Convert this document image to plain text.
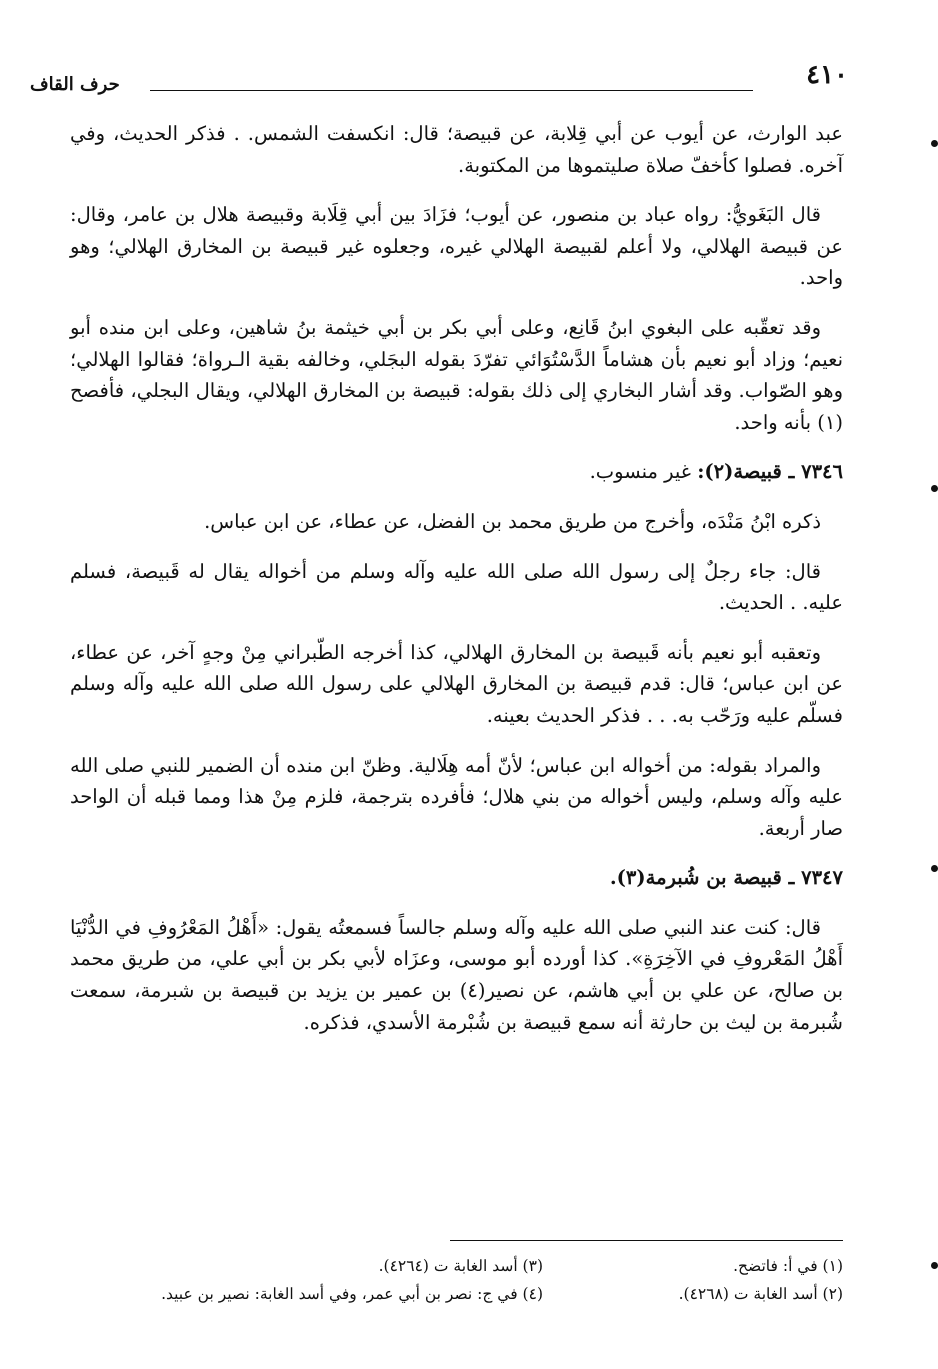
٤١٠
حرف القاف

عبد الوارث، عن أيوب عن أبي قِلابة، عن قبيصة؛ قال: انكسفت الشمس. . فذكر الحديث، وفي آخره. فصلوا كأخفّ صلاة صليتموها من المكتوبة.

قال البَغَويُّ: رواه عباد بن منصور، عن أيوب؛ فزَادَ بين أبي قِلَابة وقبيصة هلال بن عامر، وقال: عن قبيصة الهلالي، ولا أعلم لقبيصة الهلالي غيره، وجعلوه غير قبيصة بن المخارق الهلالي؛ وهو واحد.

وقد تعقّبه على البغوي ابنُ قَانِع، وعلى أبي بكر بن أبي خيثمة بنُ شاهين، وعلى ابن منده أبو نعيم؛ وزاد أبو نعيم بأن هشاماً الدَّسْتُوَائي تفرّدَ بقوله البجَلي، وخالفه بقية الـرواة؛ فقالوا الهلالي؛ وهو الصّواب. وقد أشار البخاري إلى ذلك بقوله: قبيصة بن المخارق الهلالي، ويقال البجلي، فأفصح (١) بأنه واحد.

٧٣٤٦ ـ قبيصة(٢): غير منسوب.

ذكره ابْنُ مَنْدَه، وأخرج من طريق محمد بن الفضل، عن عطاء، عن ابن عباس.

قال: جاء رجلٌ إلى رسول الله صلى الله عليه وآله وسلم من أخواله يقال له قَبيصة، فسلم عليه. . الحديث.

وتعقبه أبو نعيم بأنه قَبيصة بن المخارق الهلالي، كذا أخرجه الطّبراني مِنْ وجهٍ آخر، عن عطاء، عن ابن عباس؛ قال: قدم قبيصة بن المخارق الهلالي على رسول الله صلى الله عليه وآله وسلم فسلّم عليه ورَحّب به. . . فذكر الحديث بعينه.

والمراد بقوله: من أخواله ابن عباس؛ لأنّ أمه هِلَالية. وظنّ ابن منده أن الضمير للنبي صلى الله عليه وآله وسلم، وليس أخواله من بني هلال؛ فأفرده بترجمة، فلزم مِنْ هذا ومما قبله أن الواحد صار أربعة.

٧٣٤٧ ـ قبيصة بن شُبرمة(٣).

قال: كنت عند النبي صلى الله عليه وآله وسلم جالساً فسمعتُه يقول: «أَهْلُ المَعْرُوفِ في الدُّنْيَا أَهْلُ المَعْروفِ في الآخِرَةِ». كذا أورده أبو موسى، وعزَاه لأبي بكر بن أبي علي، من طريق محمد بن صالح، عن علي بن أبي هاشم، عن نصير(٤) بن عمير بن يزيد بن قبيصة بن شبرمة، سمعت شُبرمة بن ليث بن حارثة أنه سمع قبيصة بن شُبْرمة الأسدي، فذكره.

(١) في أ: فاتضح.
(٣) أسد الغابة ت (٤٢٦٤).
(٢) أسد الغابة ت (٤٢٦٨).
(٤) في ج: نصر بن أبي عمر، وفي أسد الغابة: نصير بن عبيد.
